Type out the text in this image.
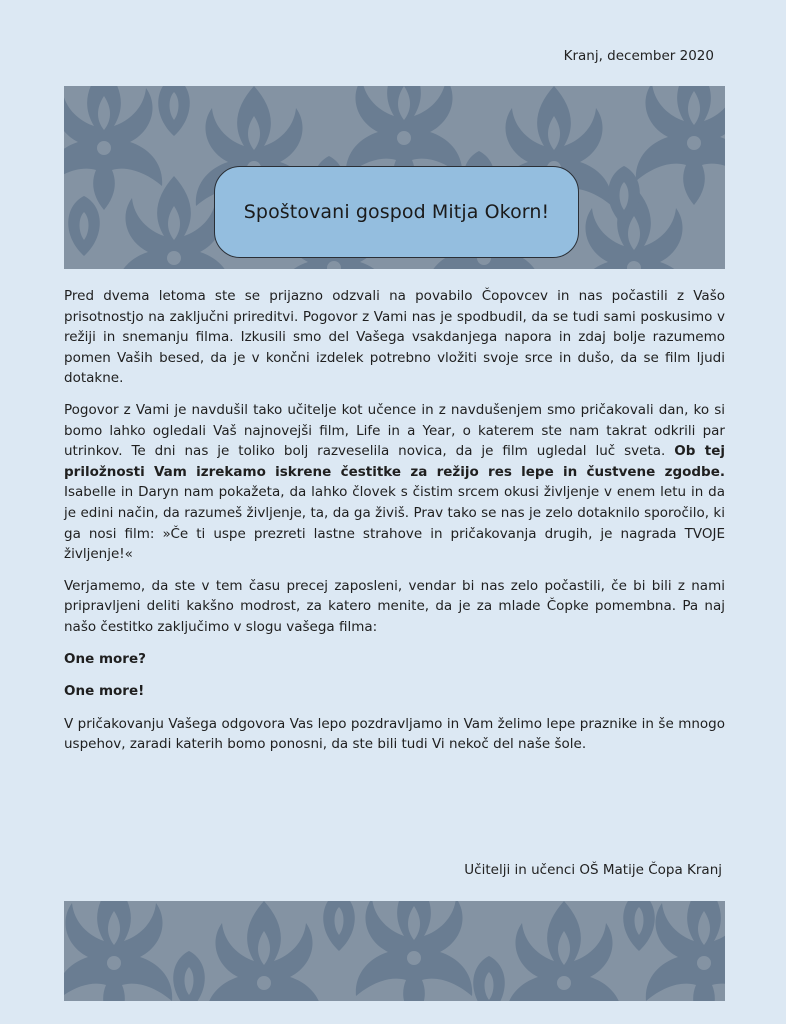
Kranj, december 2020
Spoštovani gospod Mitja Okorn!

Pred dvema letoma ste se prijazno odzvali na povabilo Čopovcev in nas počastili z Vašo prisotnostjo na zaključni prireditvi. Pogovor z Vami nas je spodbudil, da se tudi sami poskusimo v režiji in snemanju filma. Izkusili smo del Vašega vsakdanjega napora in zdaj bolje razumemo pomen Vaših besed, da je v končni izdelek potrebno vložiti svoje srce in dušo, da se film ljudi dotakne.

Pogovor z Vami je navdušil tako učitelje kot učence in z navdušenjem smo pričakovali dan, ko si bomo lahko ogledali Vaš najnovejši film, Life in a Year, o katerem ste nam takrat odkrili par utrinkov. Te dni nas je toliko bolj razveselila novica, da je film ugledal luč sveta. Ob tej priložnosti Vam izrekamo iskrene čestitke za režijo res lepe in čustvene zgodbe. Isabelle in Daryn nam pokažeta, da lahko človek s čistim srcem okusi življenje v enem letu in da je edini način, da razumeš življenje, ta, da ga živiš. Prav tako se nas je zelo dotaknilo sporočilo, ki ga nosi film: »Če ti uspe prezreti lastne strahove in pričakovanja drugih, je nagrada TVOJE življenje!«

Verjamemo, da ste v tem času precej zaposleni, vendar bi nas zelo počastili, če bi bili z nami pripravljeni deliti kakšno modrost, za katero menite, da je za mlade Čopke pomembna. Pa naj našo čestitko zaključimo v slogu vašega filma:

One more?

One more!

V pričakovanju Vašega odgovora Vas lepo pozdravljamo in Vam želimo lepe praznike in še mnogo uspehov, zaradi katerih bomo ponosni, da ste bili tudi Vi nekoč del naše šole.

Učitelji in učenci OŠ Matije Čopa Kranj
